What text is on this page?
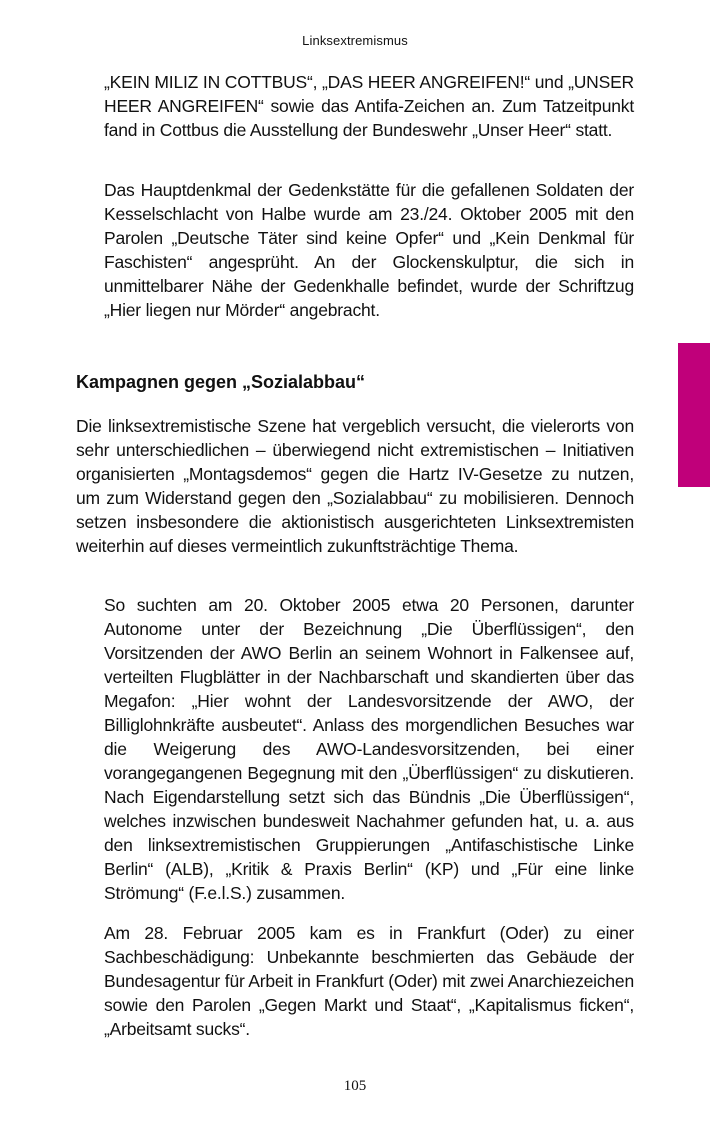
Linksextremismus

„KEIN MILIZ IN COTTBUS“, „DAS HEER ANGREIFEN!“ und „UNSER HEER ANGREIFEN“ sowie das Antifa-Zeichen an. Zum Tatzeitpunkt fand in Cottbus die Ausstellung der Bundeswehr „Unser Heer“ statt.

Das Hauptdenkmal der Gedenkstätte für die gefallenen Soldaten der Kesselschlacht von Halbe wurde am 23./24. Oktober 2005 mit den Parolen „Deutsche Täter sind keine Opfer“ und „Kein Denkmal für Faschisten“ angesprüht. An der Glockenskulptur, die sich in unmittelbarer Nähe der Gedenkhalle befindet, wurde der Schriftzug „Hier liegen nur Mörder“ angebracht.

Kampagnen gegen „Sozialabbau“

Die linksextremistische Szene hat vergeblich versucht, die vielerorts von sehr unterschiedlichen – überwiegend nicht extremistischen – Initiativen organisierten „Montagsdemos“ gegen die Hartz IV-Gesetze zu nutzen, um zum Widerstand gegen den „Sozialabbau“ zu mobilisieren. Dennoch setzen insbesondere die aktionistisch ausgerichteten Linksextremisten weiterhin auf dieses vermeintlich zukunftsträchtige Thema.

So suchten am 20. Oktober 2005 etwa 20 Personen, darunter Autonome unter der Bezeichnung „Die Überflüssigen“, den Vorsitzenden der AWO Berlin an seinem Wohnort in Falkensee auf, verteilten Flugblätter in der Nachbarschaft und skandierten über das Megafon: „Hier wohnt der Landesvorsitzende der AWO, der Billiglohnkräfte ausbeutet“. Anlass des morgendlichen Besuches war die Weigerung des AWO-Landesvorsitzenden, bei einer vorangegangenen Begegnung mit den „Überflüssigen“ zu diskutieren. Nach Eigendarstellung setzt sich das Bündnis „Die Überflüssigen“, welches inzwischen bundesweit Nachahmer gefunden hat, u. a. aus den linksextremistischen Gruppierungen „Antifaschistische Linke Berlin“ (ALB), „Kritik & Praxis Berlin“ (KP) und „Für eine linke Strömung“ (F.e.l.S.) zusammen.

Am 28. Februar 2005 kam es in Frankfurt (Oder) zu einer Sachbeschädigung: Unbekannte beschmierten das Gebäude der Bundesagentur für Arbeit in Frankfurt (Oder) mit zwei Anarchiezeichen sowie den Parolen „Gegen Markt und Staat“, „Kapitalismus ficken“, „Arbeitsamt sucks“.

105
